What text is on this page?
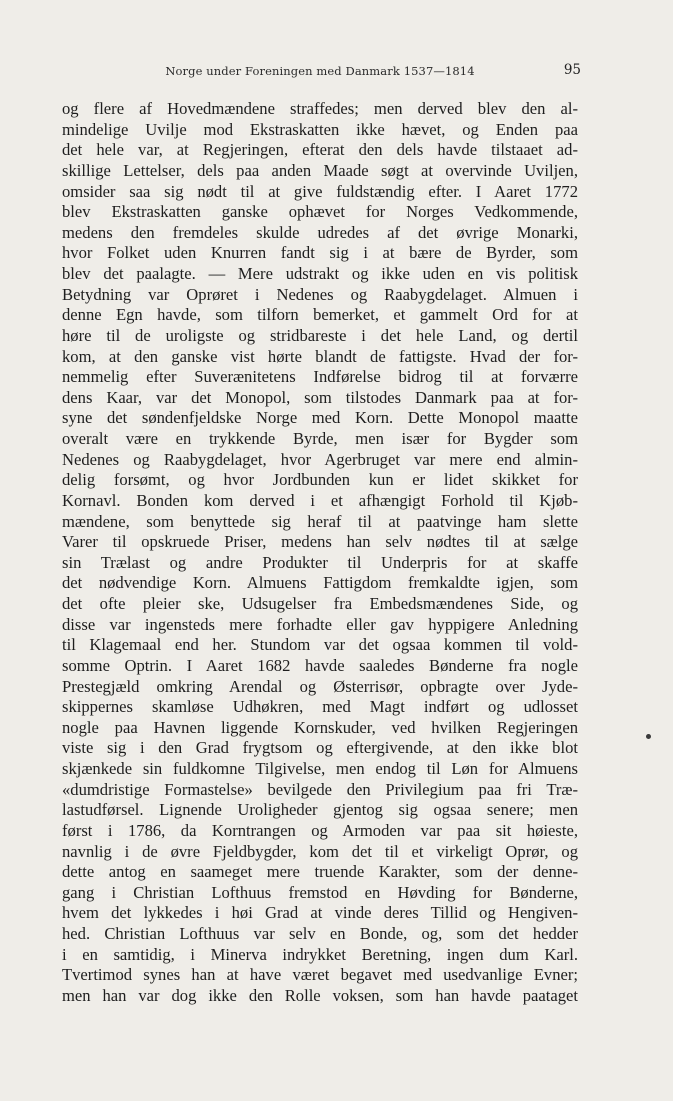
Norge under Foreningen med Danmark 1537—1814	95
og flere af Hovedmændene straffedes; men derved blev den al-
mindelige Uvilje mod Ekstraskatten ikke hævet, og Enden paa
det hele var, at Regjeringen, efterat den dels havde tilstaaet ad-
skillige Lettelser, dels paa anden Maade søgt at overvinde Uviljen,
omsider saa sig nødt til at give fuldstændig efter. I Aaret 1772
blev Ekstraskatten ganske ophævet for Norges Vedkommende,
medens den fremdeles skulde udredes af det øvrige Monarki,
hvor Folket uden Knurren fandt sig i at bære de Byrder, som
blev det paalagte. — Mere udstrakt og ikke uden en vis politisk
Betydning var Oprøret i Nedenes og Raabygdelaget. Almuen i
denne Egn havde, som tilforn bemerket, et gammelt Ord for at
høre til de uroligste og stridbareste i det hele Land, og dertil
kom, at den ganske vist hørte blandt de fattigste. Hvad der for-
nemmelig efter Suverænitetens Indførelse bidrog til at forværre
dens Kaar, var det Monopol, som tilstodes Danmark paa at for-
syne det søndenfjeldske Norge med Korn. Dette Monopol maatte
overalt være en trykkende Byrde, men især for Bygder som
Nedenes og Raabygdelaget, hvor Agerbruget var mere end almin-
delig forsømt, og hvor Jordbunden kun er lidet skikket for
Kornavl. Bonden kom derved i et afhængigt Forhold til Kjøb-
mændene, som benyttede sig heraf til at paatvinge ham slette
Varer til opskruede Priser, medens han selv nødtes til at sælge
sin Trælast og andre Produkter til Underpris for at skaffe
det nødvendige Korn. Almuens Fattigdom fremkaldte igjen, som
det ofte pleier ske, Udsugelser fra Embedsmændenes Side, og
disse var ingensteds mere forhadte eller gav hyppigere Anledning
til Klagemaal end her. Stundom var det ogsaa kommen til vold-
somme Optrin. I Aaret 1682 havde saaledes Bønderne fra nogle
Prestegjæld omkring Arendal og Østerrisør, opbragte over Jyde-
skippernes skamløse Udhøkren, med Magt indført og udlosset
nogle paa Havnen liggende Kornskuder, ved hvilken Regjeringen
viste sig i den Grad frygtsom og eftergivende, at den ikke blot
skjænkede sin fuldkomne Tilgivelse, men endog til Løn for Almuens
«dumdristige Formastelse» bevilgede den Privilegium paa fri Træ-
lastudførsel. Lignende Uroligheder gjentog sig ogsaa senere; men
først i 1786, da Korntrangen og Armoden var paa sit høieste,
navnlig i de øvre Fjeldbygder, kom det til et virkeligt Oprør, og
dette antog en saameget mere truende Karakter, som der denne-
gang i Christian Lofthuus fremstod en Høvding for Bønderne,
hvem det lykkedes i høi Grad at vinde deres Tillid og Hengiven-
hed. Christian Lofthuus var selv en Bonde, og, som det hedder
i en samtidig, i Minerva indrykket Beretning, ingen dum Karl.
Tvertimod synes han at have været begavet med usedvanlige Evner;
men han var dog ikke den Rolle voksen, som han havde paataget
